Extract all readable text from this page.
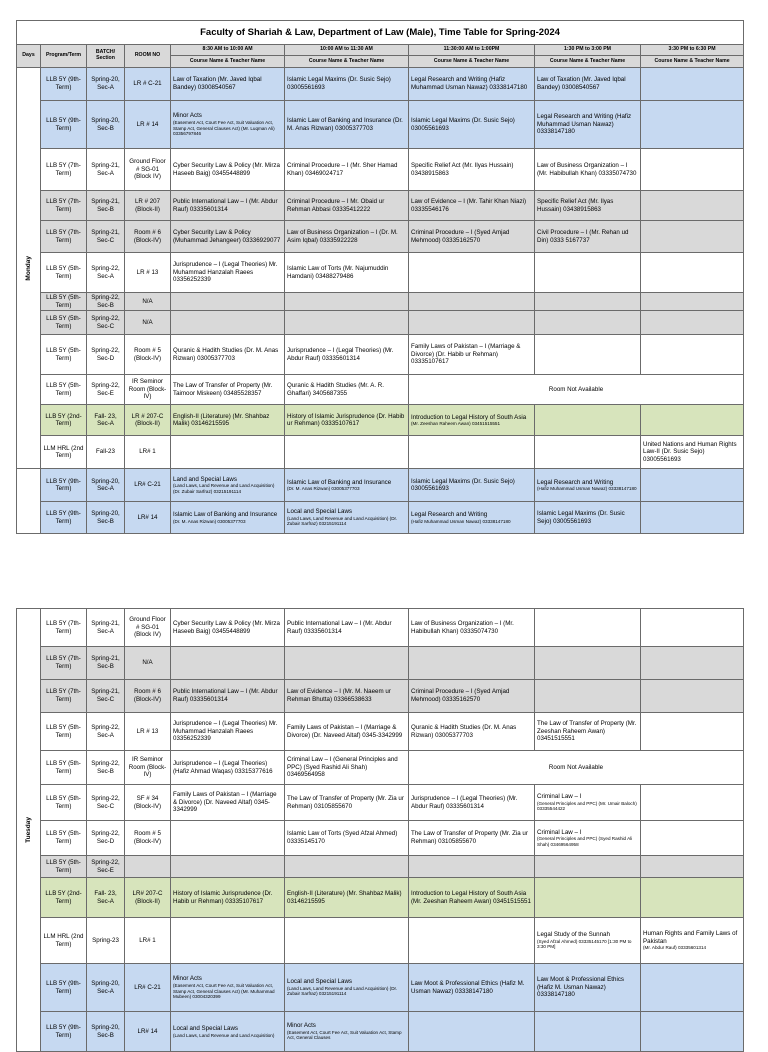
Faculty of Shariah & Law, Department of Law (Male), Time Table for Spring-2024								
Days	Program/Term	BATCH/ Section	ROOM NO	8:30 AM to 10:00 AM	10:00 AM to 11:30 AM	11:30:00 AM to 1:00PM	1:30 PM to 3:00 PM	3:30 PM to 6:30 PM
				Course Name & Teacher Name	Course Name & Teacher Name	Course Name & Teacher Name	Course Name & Teacher Name	Course Name & Teacher Name

Monday	LLB 5Y (9th-Term)	Spring-20, Sec-A	LR # C-21	Law of Taxation (Mr. Javed Iqbal Bandey) 03008540567	Islamic Legal Maxims (Dr. Susic Sejo) 03005561693	Legal Research and Writing (Hafiz Muhammad Usman Nawaz) 03338147180	Law of Taxation (Mr. Javed Iqbal Bandey) 03008540567	
	LLB 5Y (9th-Term)	Spring-20, Sec-B	LR # 14	Minor Acts
(Easement Act, Court Fee Act, Suit Valuation Act, Stamp Act, General Clauses Act) (Mr. Luqman Ali) 03356797846	Islamic Law of Banking and Insurance (Dr. M. Anas Rizwan) 03005377703	Islamic Legal Maxims (Dr. Susic Sejo) 03005561693	Legal Research and Writing (Hafiz Muhammad Usman Nawaz) 03338147180	
	LLB 5Y (7th-Term)	Spring-21, Sec-A	Ground Floor # SG-01 (Block IV)	Cyber Security Law & Policy (Mr. Mirza Haseeb Baig) 03455448899	Criminal Procedure – I (Mr. Sher Hamad Khan) 03469024717	Specific Relief Act (Mr. Ilyas Hussain) 03438915863	Law of Business Organization – I (Mr. Habibullah Khan) 03335074730	
	LLB 5Y (7th-Term)	Spring-21, Sec-B	LR # 207 (Block-II)	Public International Law – I (Mr. Abdur Rauf) 03335601314	Criminal Procedure – I Mr. Obaid ur Rehman Abbasi 03335412222	Law of Evidence – I (Mr. Tahir Khan Niazi) 03335546176	Specific Relief Act (Mr. Ilyas Hussain) 03438915863	
	LLB 5Y (7th-Term)	Spring-21, Sec-C	Room # 6 (Block-IV)	Cyber Security Law & Policy (Muhammad Jehangeer) 03336929077	Law of Business Organization – I (Dr. M. Asim Iqbal) 03335922228	Criminal Procedure – I (Syed Amjad Mehmood) 03335162570	Civil Procedure – I (Mr. Rehan ud Din) 0333 5167737	
	LLB 5Y (5th-Term)	Spring-22, Sec-A	LR # 13	Jurisprudence – I (Legal Theories) Mr. Muhammad Hanzalah Raees 03356252339	Islamic Law of Torts (Mr. Najumuddin Hamdani) 03488279486			
	LLB 5Y (5th-Term)	Spring-22, Sec-B	N/A					
	LLB 5Y (5th-Term)	Spring-22, Sec-C	N/A					
	LLB 5Y (5th-Term)	Spring-22, Sec-D	Room # 5 (Block-IV)	Quranic & Hadith Studies (Dr. M. Anas Rizwan) 03005377703	Jurisprudence – I (Legal Theories) (Mr. Abdur Rauf) 03335601314	Family Laws of Pakistan – I (Marriage & Divorce) (Dr. Habib ur Rehman) 03335107617		
	LLB 5Y (5th-Term)	Spring-22, Sec-E	IR Seminor Room (Block-IV)	The Law of Transfer of Property (Mr. Taimoor Miskeen) 03485528357	Quranic & Hadith Studies (Mr. A. R. Ghaffari) 3405687355	Room Not Available		
	LLB 5Y (2nd-Term)	Fall- 23, Sec-A	LR # 207-C (Block-II)	English-II (Literature) (Mr. Shahbaz Malik) 03146215595	History of Islamic Jurisprudence (Dr. Habib ur Rehman) 03335107617	Introduction to Legal History of South Asia
(Mr. Zeeshan Raheem Awan) 03451515551		

	LLM HRL (2nd Term)	Fall-23	LR# 1					United Nations and Human Rights Law-II (Dr. Susic Sejo) 03005561693
	LLB 5Y (9th-Term)	Spring-20, Sec-A	LR# C-21	Land and Special Laws
(Land Laws, Land Revenue and Land Acquisition) (Dr. Zubair Sarfraz) 03215191114	Islamic Law of Banking and Insurance
(Dr. M. Anas Rizwan) 03005377703	Islamic Legal Maxims (Dr. Susic Sejo) 03005561693	Legal Research and Writing
(Hafiz Muhammad Usman Nawaz) 03338147180	

	LLB 5Y (9th-Term)	Spring-20, Sec-B	LR# 14	Islamic Law of Banking and Insurance
(Dr. M. Anas Rizwan) 03005377703	Local and Special Laws
(Land Laws, Land Revenue and Land Acquisition) (Dr. Zubair Sarfraz) 03215191114	Legal Research and Writing
(Hafiz Muhammad Usman Nawaz) 03338147180	Islamic Legal Maxims (Dr. Susic Sejo) 03005561693	
Tuesday	LLB 5Y (7th-Term)	Spring-21, Sec-A	Ground Floor # SG-01 (Block IV)	Cyber Security Law & Policy (Mr. Mirza Haseeb Baig) 03455448899	Public International Law – I (Mr. Abdur Rauf) 03335601314	Law of Business Organization – I (Mr. Habibullah Khan) 03335074730		
	LLB 5Y (7th-Term)	Spring-21, Sec-B	N/A					
	LLB 5Y (7th-Term)	Spring-21, Sec-C	Room # 6 (Block-IV)	Public International Law – I (Mr. Abdur Rauf) 03335601314	Law of Evidence – I (Mr. M. Naeem ur Rehman Bhutta) 03366538633	Criminal Procedure – I (Syed Amjad Mehmood) 03335162570		
	LLB 5Y (5th-Term)	Spring-22, Sec-A	LR # 13	Jurisprudence – I (Legal Theories) Mr. Muhammad Hanzalah Raees 03356252339	Family Laws of Pakistan – I (Marriage & Divorce) (Dr. Naveed Altaf) 0345-3342999	Quranic & Hadith Studies (Dr. M. Anas Rizwan) 03005377703	The Law of Transfer of Property (Mr. Zeeshan Raheem Awan) 03451515551	
	LLB 5Y (5th-Term)	Spring-22, Sec-B	IR Seminor Room (Block-IV)	Jurisprudence – I (Legal Theories) (Hafiz Ahmad Waqas) 03315377616	Criminal Law – I (General Principles and PPC) (Syed Rashid Ali Shah) 03469564958	Room Not Available		
	LLB 5Y (5th-Term)	Spring-22, Sec-C	SF # 34 (Block-IV)	Family Laws of Pakistan – I (Marriage & Divorce) (Dr. Naveed Altaf) 0345-3342999	The Law of Transfer of Property (Mr. Zia ur Rehman) 03105855670	Jurisprudence – I (Legal Theories) (Mr. Abdur Rauf) 03335601314	Criminal Law – I
(General Principles and PPC) (Mr. Umair Baloch) 03335544422	

	LLB 5Y (5th-Term)	Spring-22, Sec-D	Room # 5 (Block-IV)		Islamic Law of Torts (Syed Afzal Ahmed) 03335145170	The Law of Transfer of Property (Mr. Zia ur Rehman) 03105855670	Criminal Law – I
(General Principles and PPC) (Syed Rashid Ali Shah) 03469564958	

	LLB 5Y (5th-Term)	Spring-22, Sec-E						
	LLB 5Y (2nd-Term)	Fall- 23, Sec-A	LR# 207-C (Block-II)	History of Islamic Jurisprudence (Dr. Habib ur Rehman) 03335107617	English-II (Literature) (Mr. Shahbaz Malik) 03146215595	Introduction to Legal History of South Asia (Mr. Zeeshan Raheem Awan) 03451515551		
	LLM HRL (2nd Term)	Spring-23	LR# 1				Legal Study of the Sunnah
(Syed Afzal Ahmed) 03335145170 [1:30 PM to 3:30 PM]	Human Rights and Family Laws of Pakistan
(Mr. Abdur Rauf) 03335601314

	LLB 5Y (9th-Term)	Spring-20, Sec-A	LR# C-21	Minor Acts
(Easement Act, Court Fee Act, Suit Valuation Act, Stamp Act, General Clauses Act) (Mr. Muhammad Mubeen) 03004320399	Local and Special Laws
(Land Laws, Land Revenue and Land Acquisition) (Dr. Zubair Sarfraz) 03215191114	Law Moot & Professional Ethics (Hafiz M. Usman Nawaz) 03338147180	Law Moot & Professional Ethics (Hafiz M. Usman Nawaz) 03338147180	
	LLB 5Y (9th-Term)	Spring-20, Sec-B	LR# 14	Local and Special Laws
(Land Laws, Land Revenue and Land Acquisition)	Minor Acts
(Easement Act, Court Fee Act, Suit Valuation Act, Stamp Act, General Clauses			
